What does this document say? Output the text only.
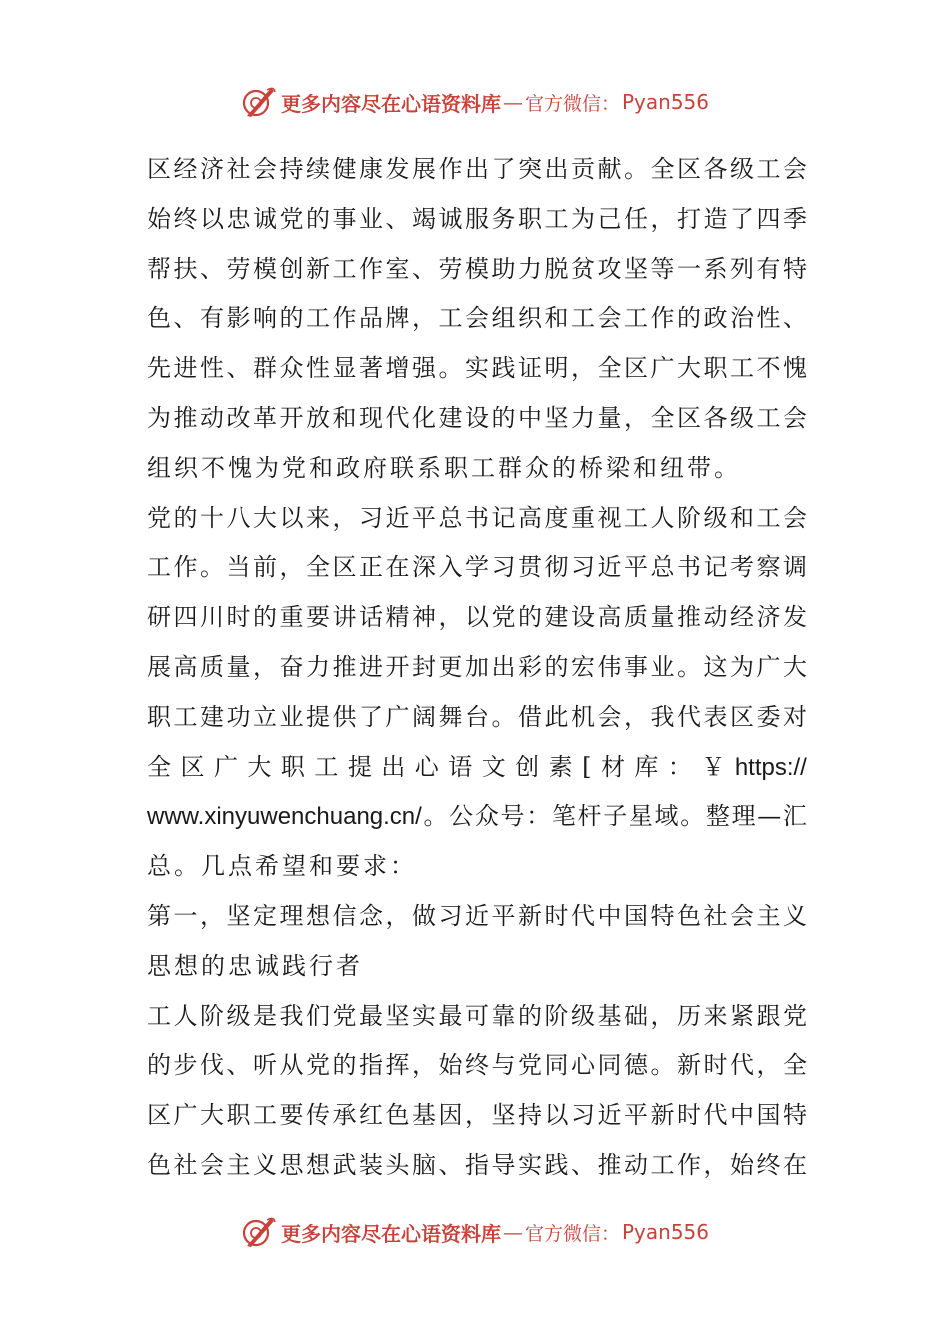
更多内容尽在心语资料库 — 官方微信： Pyan556
区 经 济 社 会 持 续 健 康 发 展 作 出 了 突 出 贡 献 。 全 区 各 级 工 会
始 终 以 忠 诚 党 的 事 业 、 竭 诚 服 务 职 工 为 己 任 ， 打 造 了 四 季
帮 扶 、 劳 模 创 新 工 作 室 、 劳 模 助 力 脱 贫 攻 坚 等 一 系 列 有 特
色 、 有 影 响 的 工 作 品 牌 ， 工 会 组 织 和 工 会 工 作 的 政 治 性 、
先 进 性 、 群 众 性 显 著 增 强 。 实 践 证 明 ， 全 区 广 大 职 工 不 愧
为 推 动 改 革 开 放 和 现 代 化 建 设 的 中 坚 力 量 ， 全 区 各 级 工 会
组织不愧为党和政府联系职工群众的桥梁和纽带。
党 的 十 八 大 以 来 ， 习 近 平 总 书 记 高 度 重 视 工 人 阶 级 和 工 会
工 作 。 当 前 ， 全 区 正 在 深 入 学 习 贯 彻 习 近 平 总 书 记 考 察 调
研 四 川 时 的 重 要 讲 话 精 神 ， 以 党 的 建 设 高 质 量 推 动 经 济 发
展 高 质 量 ， 奋 力 推 进 开 封 更 加 出 彩 的 宏 伟 事 业 。 这 为 广 大
职 工 建 功 立 业 提 供 了 广 阔 舞 台 。 借 此 机 会 ， 我 代 表 区 委 对
全 区 广 大 职 工 提 出 心 语 文 创 素 [ 材 库 ： ￥ https://
www.xinyuwenchuang.cn/ 。 公 众 号 ： 笔 杆 子 星 域 。 整 理 — 汇
总。几点希望和要求：
第 一 ， 坚 定 理 想 信 念 ， 做 习 近 平 新 时 代 中 国 特 色 社 会 主 义
思想的忠诚践行者
工 人 阶 级 是 我 们 党 最 坚 实 最 可 靠 的 阶 级 基 础 ， 历 来 紧 跟 党
的 步 伐 、 听 从 党 的 指 挥 ， 始 终 与 党 同 心 同 德 。 新 时 代 ， 全
区 广 大 职 工 要 传 承 红 色 基 因 ， 坚 持 以 习 近 平 新 时 代 中 国 特
色 社 会 主 义 思 想 武 装 头 脑 、 指 导 实 践 、 推 动 工 作 ， 始 终 在
更多内容尽在心语资料库 — 官方微信： Pyan556
